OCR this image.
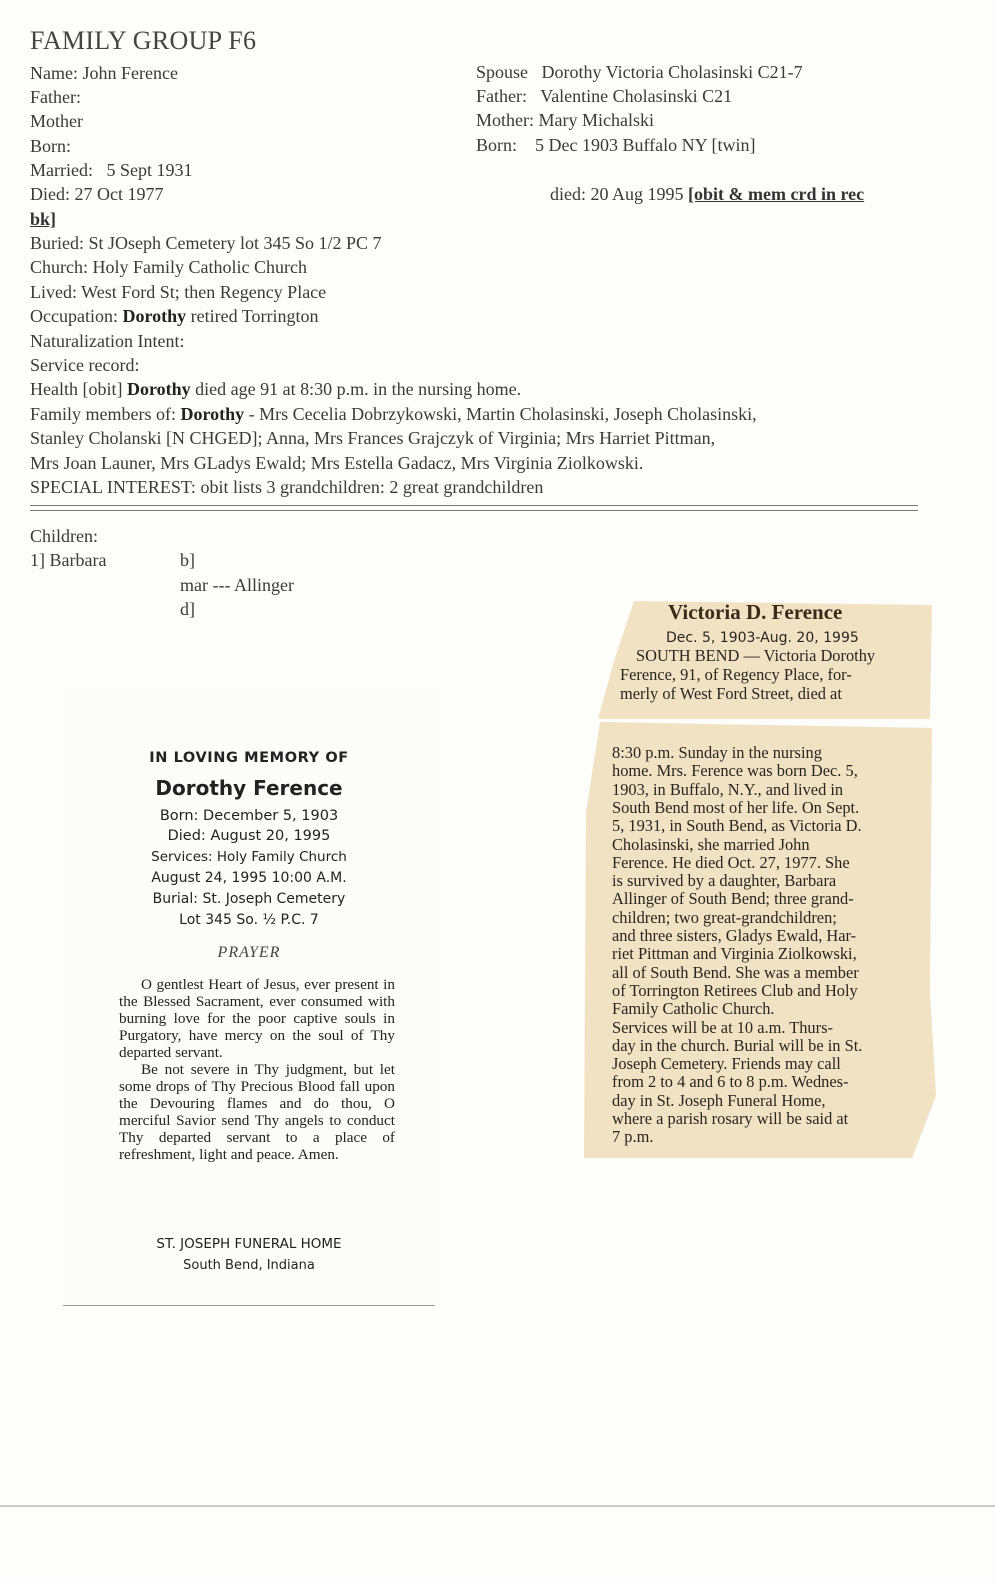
FAMILY GROUP F6
Name: John Ference
Father:
Mother
Born:
Married: 5 Sept 1931
Died: 27 Oct 1977
Spouse Dorothy Victoria Cholasinski C21-7
Father: Valentine Cholasinski C21
Mother: Mary Michalski
Born: 5 Dec 1903 Buffalo NY [twin]
died: 20 Aug 1995 [obit & mem crd in rec
bk]
Buried: St JOseph Cemetery lot 345 So 1/2 PC 7
Church: Holy Family Catholic Church
Lived: West Ford St; then Regency Place
Occupation: Dorothy retired Torrington
Naturalization Intent:
Service record:
Health [obit] Dorothy died age 91 at 8:30 p.m. in the nursing home.
Family members of: Dorothy - Mrs Cecelia Dobrzykowski, Martin Cholasinski, Joseph Cholasinski,
Stanley Cholanski [N CHGED]; Anna, Mrs Frances Grajczyk of Virginia; Mrs Harriet Pittman,
Mrs Joan Launer, Mrs GLadys Ewald; Mrs Estella Gadacz, Mrs Virginia Ziolkowski.
SPECIAL INTEREST: obit lists 3 grandchildren: 2 great grandchildren
Children:
1] Barbara	b]
mar --- Allinger
d]
IN LOVING MEMORY OF
Dorothy Ference
Born: December 5, 1903
Died: August 20, 1995
Services: Holy Family Church
August 24, 1995 10:00 A.M.
Burial: St. Joseph Cemetery
Lot 345 So. ½ P.C. 7
PRAYER

O gentlest Heart of Jesus, ever present in the Blessed Sacrament, ever consumed with burning love for the poor captive souls in Purgatory, have mercy on the soul of Thy departed servant.

Be not severe in Thy judgment, but let some drops of Thy Precious Blood fall upon the Devouring flames and do thou, O merciful Savior send Thy angels to conduct Thy departed servant to a place of refreshment, light and peace. Amen.

ST. JOSEPH FUNERAL HOME
South Bend, Indiana
Victoria D. Ference
Dec. 5, 1903-Aug. 20, 1995
SOUTH BEND — Victoria Dorothy
Ference, 91, of Regency Place, for-
merly of West Ford Street, died at
8:30 p.m. Sunday in the nursing
home. Mrs. Ference was born Dec. 5,
1903, in Buffalo, N.Y., and lived in
South Bend most of her life. On Sept.
5, 1931, in South Bend, as Victoria D.
Cholasinski, she married John
Ference. He died Oct. 27, 1977. She
is survived by a daughter, Barbara
Allinger of South Bend; three grand-
children; two great-grandchildren;
and three sisters, Gladys Ewald, Har-
riet Pittman and Virginia Ziolkowski,
all of South Bend. She was a member
of Torrington Retirees Club and Holy
Family Catholic Church.
Services will be at 10 a.m. Thurs-
day in the church. Burial will be in St.
Joseph Cemetery. Friends may call
from 2 to 4 and 6 to 8 p.m. Wednes-
day in St. Joseph Funeral Home,
where a parish rosary will be said at
7 p.m.
